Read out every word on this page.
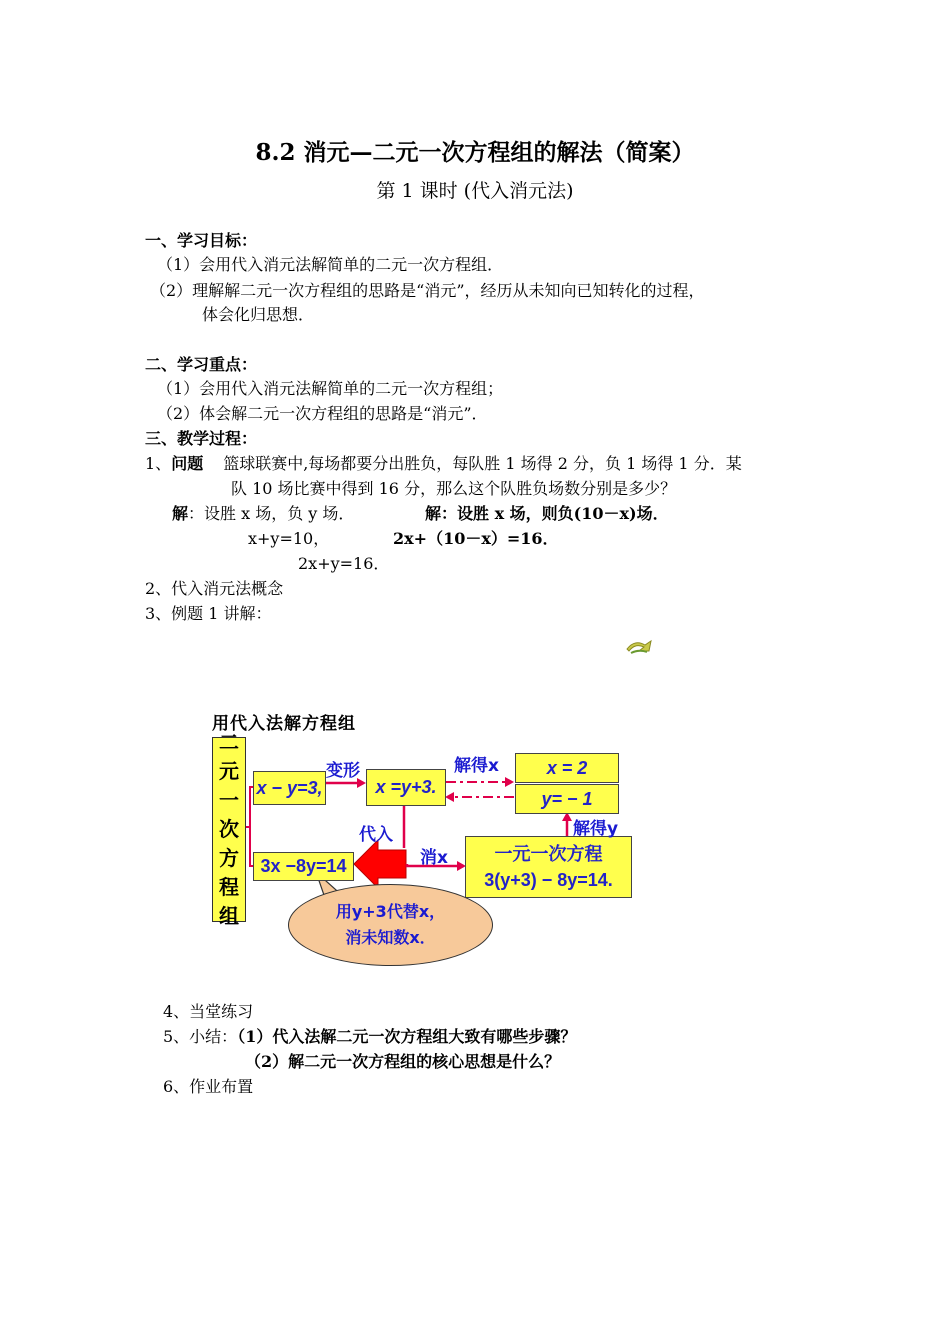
8.2 消元—二元一次方程组的解法（简案）
第 1 课时 (代入消元法)
一、学习目标：
（1）会用代入消元法解简单的二元一次方程组．
（2）理解解二元一次方程组的思路是“消元”，经历从未知向已知转化的过程，
体会化归思想．
二、学习重点：
（1）会用代入消元法解简单的二元一次方程组；
（2）体会解二元一次方程组的思路是“消元”．
三、教学过程：
1、问题 篮球联赛中,每场都要分出胜负，每队胜 1 场得 2 分，负 1 场得 1 分．某
队 10 场比赛中得到 16 分，那么这个队胜负场数分别是多少？
解：设胜 x 场，负 y 场．	解：设胜 x 场，则负(10－x)场．
x+y=10，	2x+（10－x）=16．
2x+y=16．
2、代入消元法概念
3、例题 1 讲解：
用代入法解方程组
二
元
一
次
方
程
组
x − y=3,
3x −8y=14
x =y+3.
x = 2
y= − 1
一元一次方程
3(y+3) − 8y=14.
变形	解得x
代入
消x
解得y
用y+3代替x，
消未知数x．
4、当堂练习
5、小结：（1）代入法解二元一次方程组大致有哪些步骤？
（2）解二元一次方程组的核心思想是什么？
6、作业布置
